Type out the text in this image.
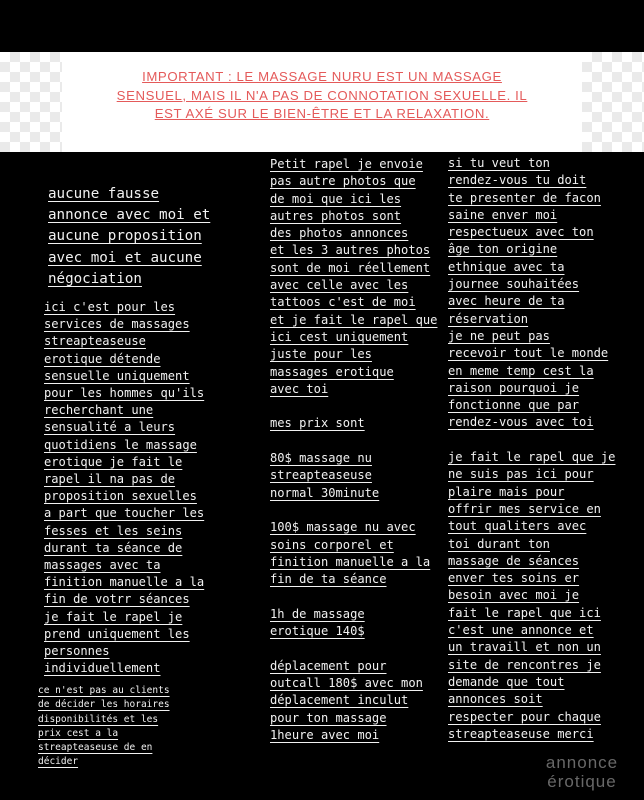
IMPORTANT : LE MASSAGE NURU EST UN MASSAGE SENSUEL, MAIS IL N'A PAS DE CONNOTATION SEXUELLE. IL EST AXÉ SUR LE BIEN-ÊTRE ET LA RELAXATION.
aucune fausse
annonce avec moi et
aucune proposition
avec moi et aucune
négociation
ici c'est pour les
services de massages
streapteaseuse
erotique détende
sensuelle uniquement
pour les hommes qu'ils
recherchant une
sensualité a leurs
quotidiens le massage
erotique je fait le
rapel il na pas de
proposition sexuelles
a part que toucher les
fesses et les seins
durant ta séance de
massages avec ta
finition manuelle a la
fin de votrr séances
je fait le rapel je
prend uniquement les
personnes
individuellement
ce n'est pas au clients
de décider les horaires
disponibilités et les
prix cest a la
streapteaseuse de en
décider
Petit rapel je envoie
pas autre photos que
de moi que ici les
autres photos sont
des photos annonces
et les 3 autres photos
sont de moi réellement
avec celle avec les
tattoos c'est de moi
et je fait le rapel que
ici cest uniquement
juste pour les
massages erotique
avec toi

mes prix sont

80$ massage nu
streapteaseuse
normal 30minute

100$ massage nu avec
soins corporel et
finition manuelle a la
fin de ta séance

1h de massage
erotique 140$

déplacement pour
outcall 180$ avec mon
déplacement inculut
pour ton massage
1heure avec moi
si tu veut ton
rendez-vous tu doit
te presenter de facon
saine enver moi
respectueux avec ton
âge ton origine
ethnique avec ta
journee souhaitées
avec heure de ta
réservation
je ne peut pas
recevoir tout le monde
en meme temp cest la
raison pourquoi je
fonctionne que par
rendez-vous avec toi

je fait le rapel que je
ne suis pas ici pour
plaire mais pour
offrir mes service en
tout qualiters avec
toi durant ton
massage de séances
enver tes soins er
besoin avec moi je
fait le rapel que ici
c'est une annonce et
un travaill et non un
site de rencontres je
demande que tout
annonces soit
respecter pour chaque
streapteaseuse merci
annonce
érotique
